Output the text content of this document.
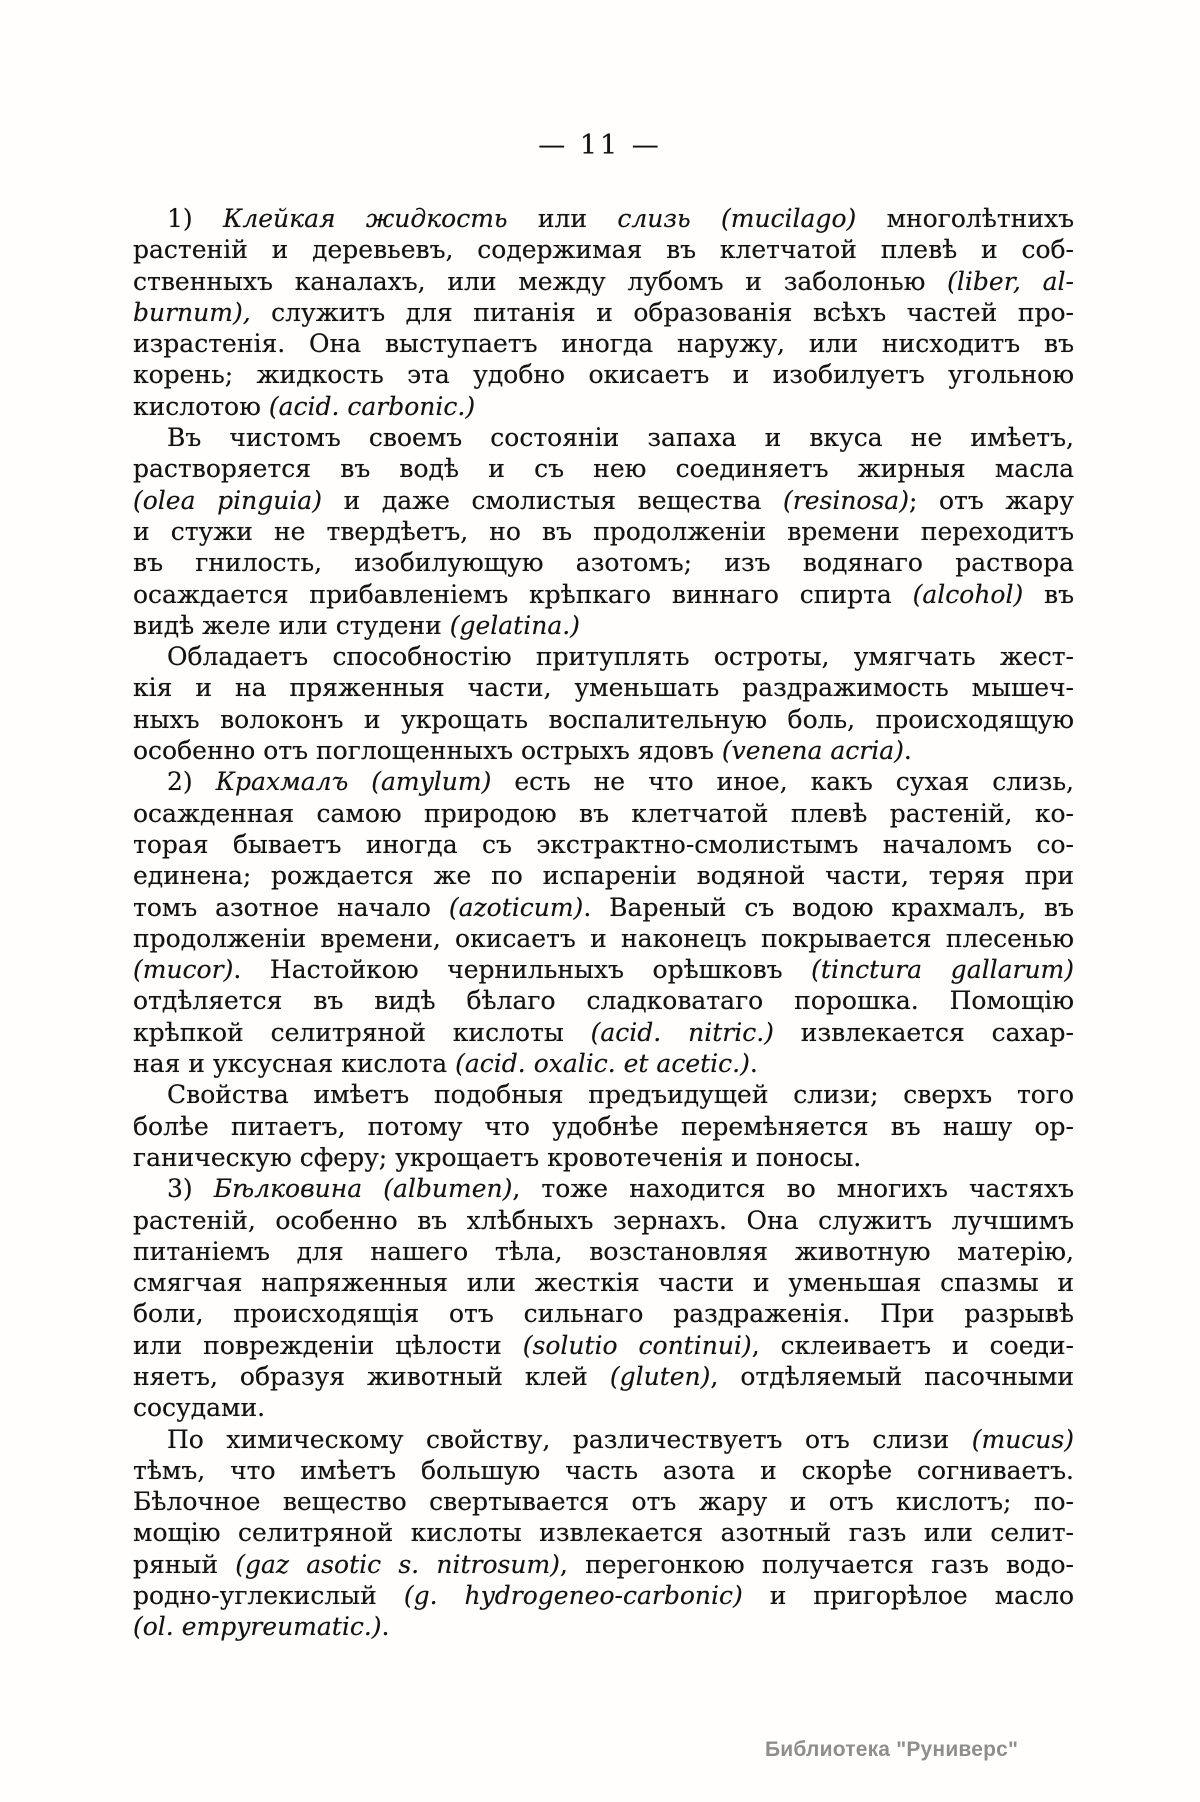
— 11 —
1) Клейкая жидкость или слизь (mucilago) многолѣтнихъ
растеній и деревьевъ, содержимая въ клетчатой плевѣ и соб-
ственныхъ каналахъ, или между лубомъ и заболонью (liber, al-
burnum), служитъ для питанія и образованія всѣхъ частей про-
израстенія. Она выступаетъ иногда наружу, или нисходитъ въ
корень; жидкость эта удобно окисаетъ и изобилуетъ угольною
кислотою (acid. carbonic.)
Въ чистомъ своемъ состояніи запаха и вкуса не имѣетъ,
растворяется въ водѣ и съ нею соединяетъ жирныя масла
(olea pinguia) и даже смолистыя вещества (resinosa); отъ жару
и стужи не твердѣетъ, но въ продолженіи времени переходитъ
въ гнилость, изобилующую азотомъ; изъ водянаго раствора
осаждается прибавленіемъ крѣпкаго виннаго спирта (alcohol) въ
видѣ желе или студени (gelatina.)
Обладаетъ способностію притуплять остроты, умягчать жест-
кія и на пряженныя части, уменьшать раздражимость мышеч-
ныхъ волоконъ и укрощать воспалительную боль, происходящую
особенно отъ поглощенныхъ острыхъ ядовъ (venena acria).
2) Крахмалъ (amylum) есть не что иное, какъ сухая слизь,
осажденная самою природою въ клетчатой плевѣ растеній, ко-
торая бываетъ иногда съ экстрактно-смолистымъ началомъ со-
единена; рождается же по испареніи водяной части, теряя при
томъ азотное начало (azoticum). Вареный съ водою крахмалъ, въ
продолженіи времени, окисаетъ и наконецъ покрывается плесенью
(mucor). Настойкою чернильныхъ орѣшковъ (tinctura gallarum)
отдѣляется въ видѣ бѣлаго сладковатаго порошка. Помощію
крѣпкой селитряной кислоты (acid. nitric.) извлекается сахар-
ная и уксусная кислота (acid. oxalic. et acetic.).
Свойства имѣетъ подобныя предъидущей слизи; сверхъ того
болѣе питаетъ, потому что удобнѣе перемѣняется въ нашу ор-
ганическую сферу; укрощаетъ кровотеченія и поносы.
3) Бѣлковина (albumen), тоже находится во многихъ частяхъ
растеній, особенно въ хлѣбныхъ зернахъ. Она служитъ лучшимъ
питаніемъ для нашего тѣла, возстановляя животную матерію,
смягчая напряженныя или жесткія части и уменьшая спазмы и
боли, происходящія отъ сильнаго раздраженія. При разрывѣ
или поврежденіи цѣлости (solutio continui), склеиваетъ и соеди-
няетъ, образуя животный клей (gluten), отдѣляемый пасочными
сосудами.
По химическому свойству, различествуетъ отъ слизи (mucus)
тѣмъ, что имѣетъ большую часть азота и скорѣе согниваетъ.
Бѣлочное вещество свертывается отъ жару и отъ кислотъ; по-
мощію селитряной кислоты извлекается азотный газъ или селит-
ряный (gaz asotic s. nitrosum), перегонкою получается газъ водо-
родно-углекислый (g. hydrogeneo-carbonic) и пригорѣлое масло
(ol. empyreumatic.).
Библиотека "Руниверс"
